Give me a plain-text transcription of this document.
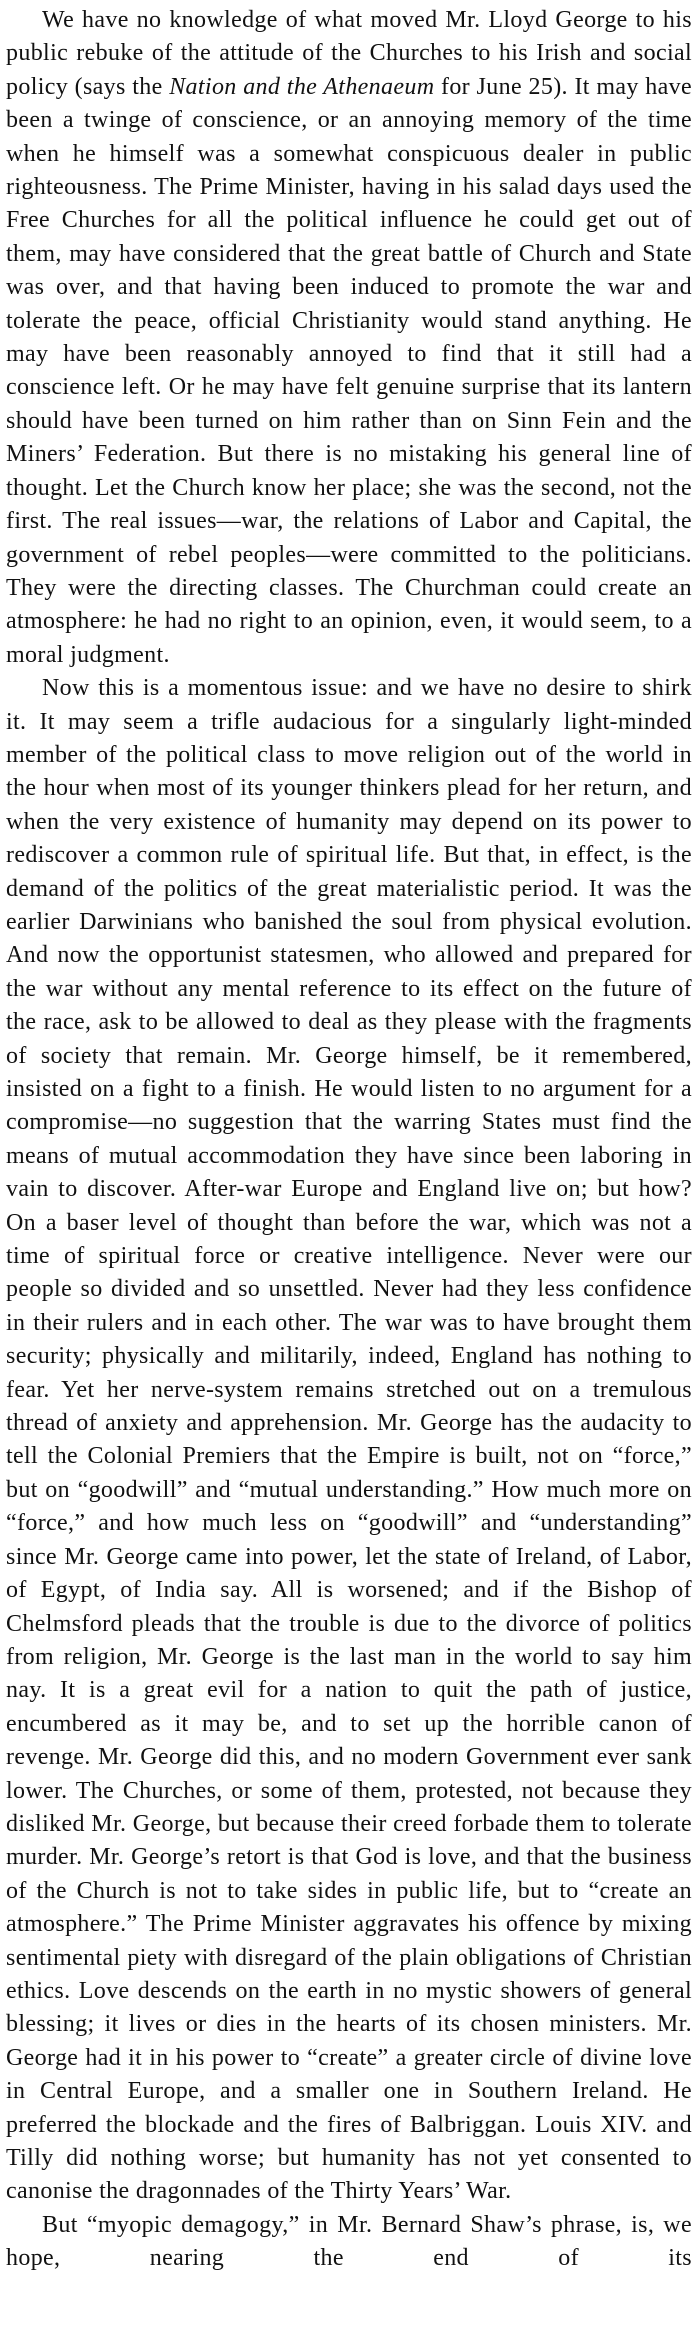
We have no knowledge of what moved Mr. Lloyd George to his public rebuke of the attitude of the Churches to his Irish and social policy (says the Nation and the Athenaeum for June 25). It may have been a twinge of conscience, or an annoying memory of the time when he himself was a somewhat conspicuous dealer in public righteousness. The Prime Minister, having in his salad days used the Free Churches for all the political influence he could get out of them, may have considered that the great battle of Church and State was over, and that having been induced to promote the war and tolerate the peace, official Christianity would stand anything. He may have been reasonably annoyed to find that it still had a conscience left. Or he may have felt genuine surprise that its lantern should have been turned on him rather than on Sinn Fein and the Miners’ Federation. But there is no mistaking his general line of thought. Let the Church know her place; she was the second, not the first. The real issues—war, the relations of Labor and Capital, the government of rebel peoples—were committed to the politicians. They were the directing classes. The Churchman could create an atmosphere: he had no right to an opinion, even, it would seem, to a moral judgment.

Now this is a momentous issue: and we have no desire to shirk it. It may seem a trifle audacious for a singularly light-minded member of the political class to move religion out of the world in the hour when most of its younger thinkers plead for her return, and when the very existence of humanity may depend on its power to rediscover a common rule of spiritual life. But that, in effect, is the demand of the politics of the great materialistic period. It was the earlier Darwinians who banished the soul from physical evolution. And now the opportunist statesmen, who allowed and prepared for the war without any mental reference to its effect on the future of the race, ask to be allowed to deal as they please with the fragments of society that remain. Mr. George himself, be it remembered, insisted on a fight to a finish. He would listen to no argument for a compromise—no suggestion that the warring States must find the means of mutual accommodation they have since been laboring in vain to discover. After-war Europe and England live on; but how? On a baser level of thought than before the war, which was not a time of spiritual force or creative intelligence. Never were our people so divided and so unsettled. Never had they less confidence in their rulers and in each other. The war was to have brought them security; physically and militarily, indeed, England has nothing to fear. Yet her nerve-system remains stretched out on a tremulous thread of anxiety and apprehension. Mr. George has the audacity to tell the Colonial Premiers that the Empire is built, not on “force,” but on “goodwill” and “mutual understanding.” How much more on “force,” and how much less on “goodwill” and “understanding” since Mr. George came into power, let the state of Ireland, of Labor, of Egypt, of India say. All is worsened; and if the Bishop of Chelmsford pleads that the trouble is due to the divorce of politics from religion, Mr. George is the last man in the world to say him nay. It is a great evil for a nation to quit the path of justice, encumbered as it may be, and to set up the horrible canon of revenge. Mr. George did this, and no modern Government ever sank lower. The Churches, or some of them, protested, not because they disliked Mr. George, but because their creed forbade them to tolerate murder. Mr. George’s retort is that God is love, and that the business of the Church is not to take sides in public life, but to “create an atmosphere.” The Prime Minister aggravates his offence by mixing sentimental piety with disregard of the plain obligations of Christian ethics. Love descends on the earth in no mystic showers of general blessing; it lives or dies in the hearts of its chosen ministers. Mr. George had it in his power to “create” a greater circle of divine love in Central Europe, and a smaller one in Southern Ireland. He preferred the blockade and the fires of Balbriggan. Louis XIV. and Tilly did nothing worse; but humanity has not yet consented to canonise the dragonnades of the Thirty Years’ War.

But “myopic demagogy,” in Mr. Bernard Shaw’s phrase, is, we hope, nearing the end of its
